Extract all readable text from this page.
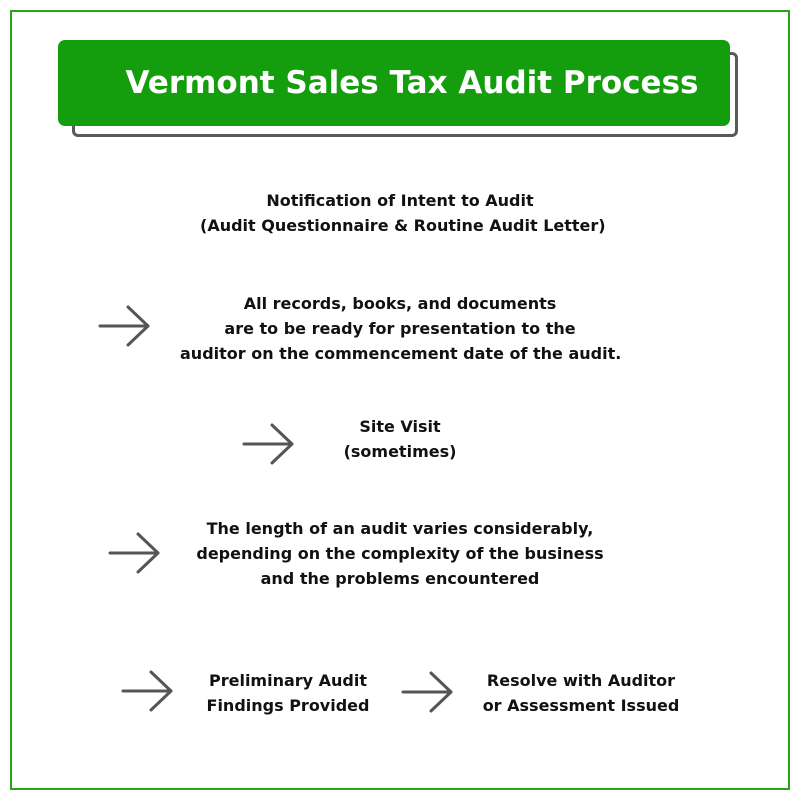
Vermont Sales Tax Audit Process
Notification of Intent to Audit
(Audit Questionnaire & Routine Audit Letter)
All records, books, and documents
are to be ready for presentation to the
auditor on the commencement date of the audit.
Site Visit
(sometimes)
The length of an audit varies considerably,
depending on the complexity of the business
and the problems encountered
Preliminary Audit
Findings Provided
Resolve with Auditor
or Assessment Issued
